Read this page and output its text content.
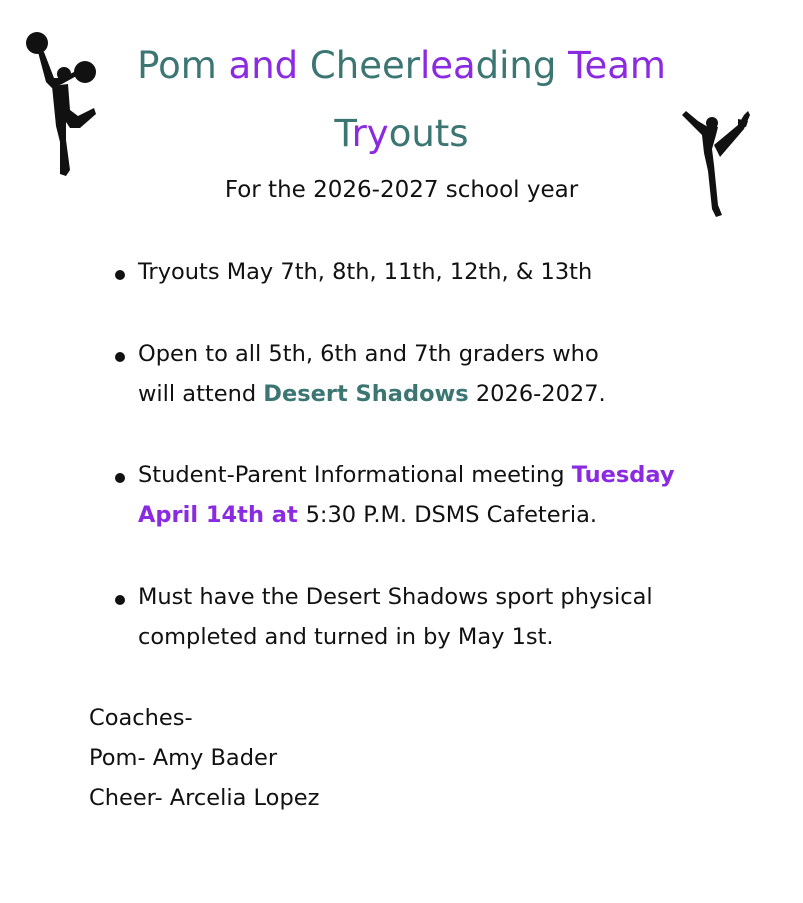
Pom and Cheerleading Team
Tryouts

For the 2026-2027 school year

Tryouts May 7th, 8th, 11th, 12th, & 13th
Open to all 5th, 6th and 7th graders who
will attend Desert Shadows 2026-2027.
Student-Parent Informational meeting Tuesday
April 14th at 5:30 P.M. DSMS Cafeteria.
Must have the Desert Shadows sport physical
completed and turned in by May 1st.
Coaches-
Pom- Amy Bader
Cheer- Arcelia Lopez
